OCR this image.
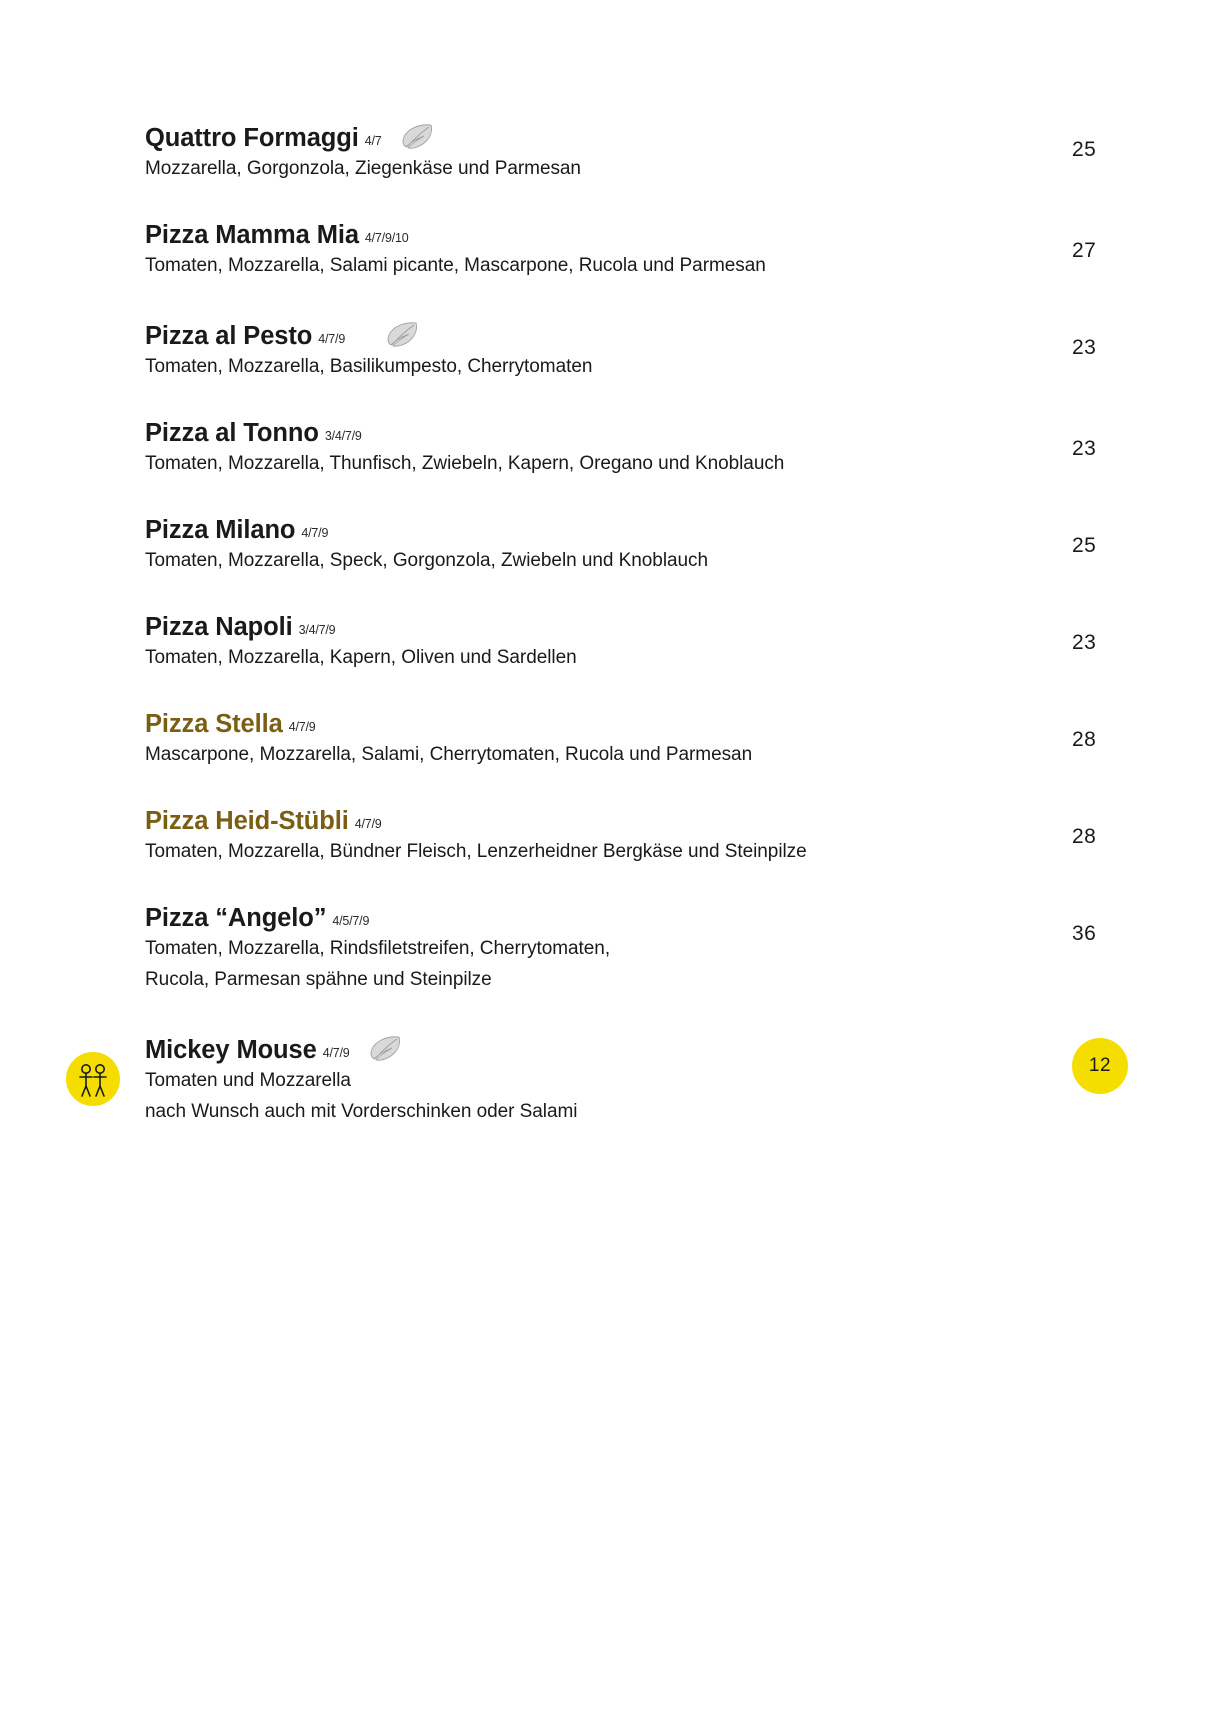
Quattro Formaggi 4/7
Mozzarella, Gorgonzola, Ziegenkäse und Parmesan
25
Pizza Mamma Mia 4/7/9/10
Tomaten, Mozzarella, Salami picante, Mascarpone, Rucola und Parmesan
27
Pizza al Pesto 4/7/9
Tomaten, Mozzarella, Basilikumpesto, Cherrytomaten
23
Pizza al Tonno 3/4/7/9
Tomaten, Mozzarella, Thunfisch, Zwiebeln, Kapern, Oregano und Knoblauch
23
Pizza Milano 4/7/9
Tomaten, Mozzarella, Speck, Gorgonzola, Zwiebeln und Knoblauch
25
Pizza Napoli 3/4/7/9
Tomaten, Mozzarella, Kapern, Oliven und Sardellen
23
Pizza Stella 4/7/9
Mascarpone, Mozzarella, Salami, Cherrytomaten, Rucola und Parmesan
28
Pizza Heid-Stübli 4/7/9
Tomaten, Mozzarella, Bündner Fleisch, Lenzerheidner Bergkäse und Steinpilze
28
Pizza “Angelo” 4/5/7/9
Tomaten, Mozzarella, Rindsfiletstreifen, Cherrytomaten,
Rucola, Parmesan spähne und Steinpilze
36
Mickey Mouse 4/7/9
Tomaten und Mozzarella
nach Wunsch auch mit Vorderschinken oder Salami
12
